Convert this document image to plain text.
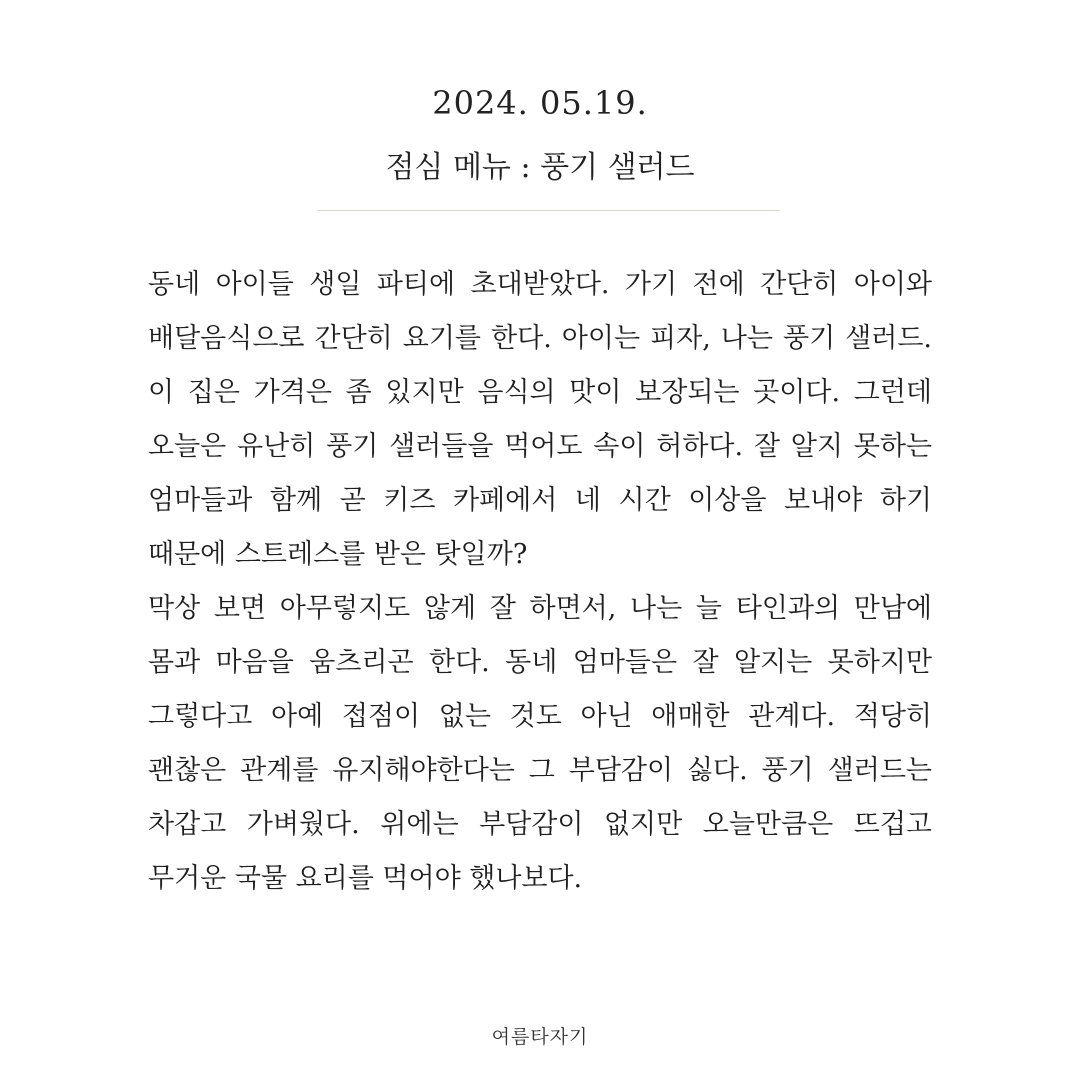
2024. 05.19.
점심 메뉴 : 풍기 샐러드

동네 아이들 생일 파티에 초대받았다. 가기 전에 간단히 아이와 배달음식으로 간단히 요기를 한다. 아이는 피자, 나는 풍기 샐러드. 이 집은 가격은 좀 있지만 음식의 맛이 보장되는 곳이다. 그런데 오늘은 유난히 풍기 샐러들을 먹어도 속이 허하다. 잘 알지 못하는 엄마들과 함께 곧 키즈 카페에서 네 시간 이상을 보내야 하기 때문에 스트레스를 받은 탓일까?

막상 보면 아무렇지도 않게 잘 하면서, 나는 늘 타인과의 만남에 몸과 마음을 움츠리곤 한다. 동네 엄마들은 잘 알지는 못하지만 그렇다고 아예 접점이 없는 것도 아닌 애매한 관계다. 적당히 괜찮은 관계를 유지해야한다는 그 부담감이 싫다. 풍기 샐러드는 차갑고 가벼웠다. 위에는 부담감이 없지만 오늘만큼은 뜨겁고 무거운 국물 요리를 먹어야 했나보다.

여름타자기
